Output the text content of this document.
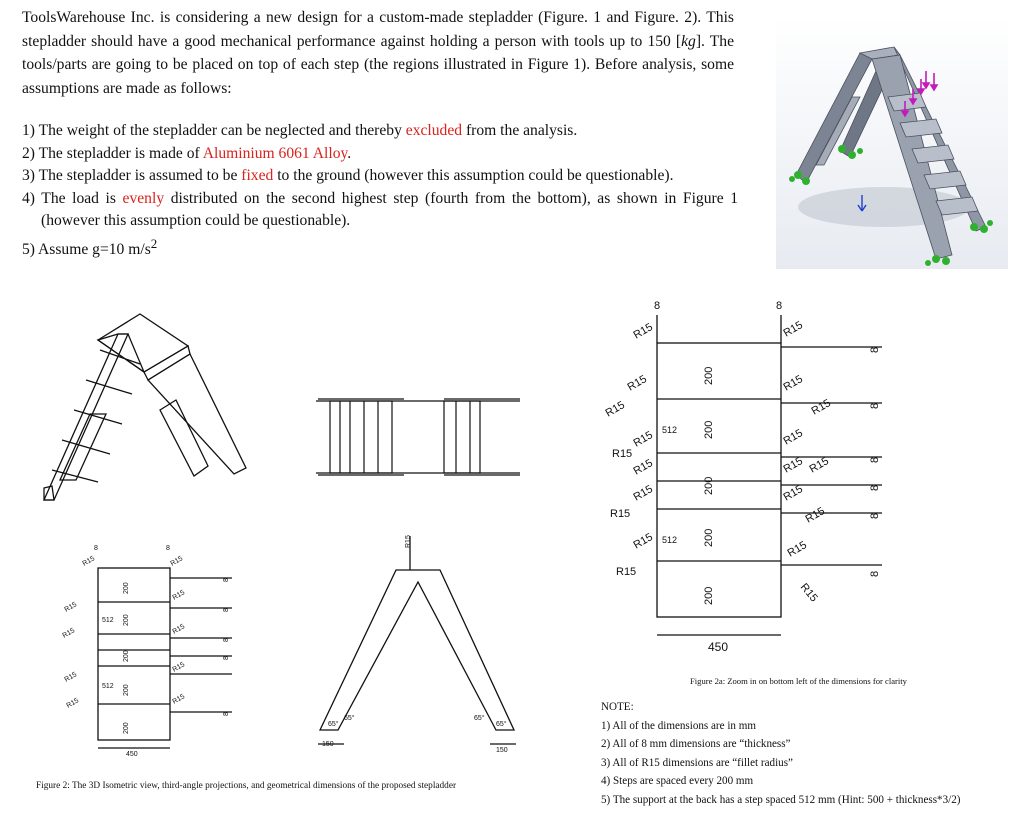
ToolsWarehouse Inc. is considering a new design for a custom-made stepladder (Figure. 1 and Figure. 2). This stepladder should have a good mechanical performance against holding a person with tools up to 150 [kg]. The tools/parts are going to be placed on top of each step (the regions illustrated in Figure 1). Before analysis, some assumptions are made as follows:
1) The weight of the stepladder can be neglected and thereby excluded from the analysis.
2) The stepladder is made of Aluminium 6061 Alloy.
3) The stepladder is assumed to be fixed to the ground (however this assumption could be questionable).
4) The load is evenly distributed on the second highest step (fourth from the bottom), as shown in Figure 1 (however this assumption could be questionable).
5) Assume g=10 $m/s^2$
8	8
R15	R15
R15
R15
R15	R15
R15
R15
R15	R15
512
512
200
200
200
200
200
8
8
8
8
8
450
R15
150
150
65°
65°	65°
65°
8	8
R15	R15
R15	R15
R15	R15
R15	R15
R15
R15 R15
R15
R15	R15
R15	R15
R15	R15
R15
R15
512
512
200
200
200
200
200
8
8
8
8
8
8
450
Figure 2: The 3D Isometric view, third-angle projections, and geometrical dimensions of the proposed stepladder
Figure 2a: Zoom in on bottom left of the dimensions for clarity
NOTE:
1) All of the dimensions are in mm
2) All of 8 mm dimensions are “thickness”
3) All of R15 dimensions are “fillet radius”
4) Steps are spaced every 200 mm
5) The support at the back has a step spaced 512 mm (Hint: 500 + thickness*3/2)
